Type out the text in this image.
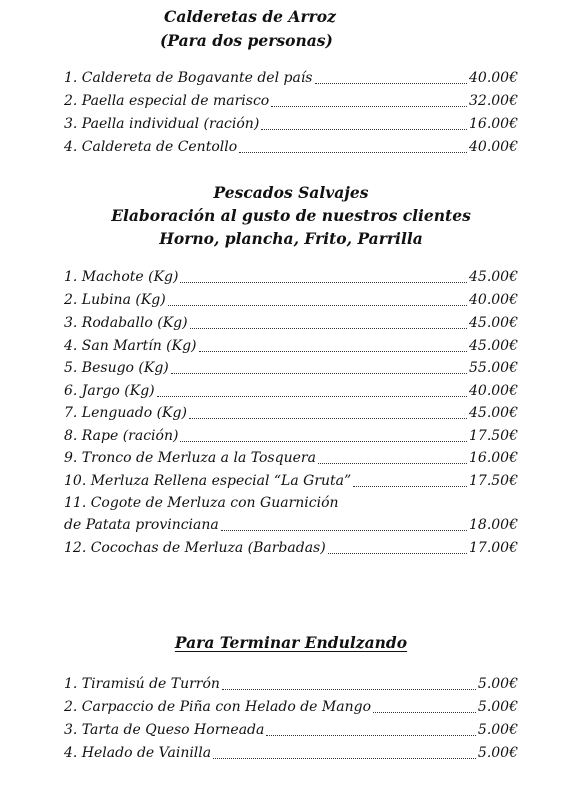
Calderetas de Arroz
(Para dos personas)
1. Caldereta de Bogavante del país	40.00€
2. Paella especial de marisco	32.00€
3. Paella individual (ración)	16.00€
4. Caldereta de Centollo	40.00€
Pescados Salvajes
Elaboración al gusto de nuestros clientes
Horno, plancha, Frito, Parrilla
1. Machote (Kg)	45.00€
2. Lubina (Kg)	40.00€
3. Rodaballo (Kg)	45.00€
4. San Martín (Kg)	45.00€
5. Besugo (Kg)	55.00€
6. Jargo (Kg)	40.00€
7. Lenguado (Kg)	45.00€
8. Rape (ración)	17.50€
9. Tronco de Merluza a la Tosquera	16.00€
10. Merluza Rellena especial “La Gruta”	17.50€
11. Cogote de Merluza con Guarnición
de Patata provinciana	18.00€
12. Cocochas de Merluza (Barbadas)	17.00€
Para Terminar Endulzando
1. Tiramisú de Turrón	5.00€
2. Carpaccio de Piña con Helado de Mango	5.00€
3. Tarta de Queso Horneada	5.00€
4. Helado de Vainilla	5.00€
